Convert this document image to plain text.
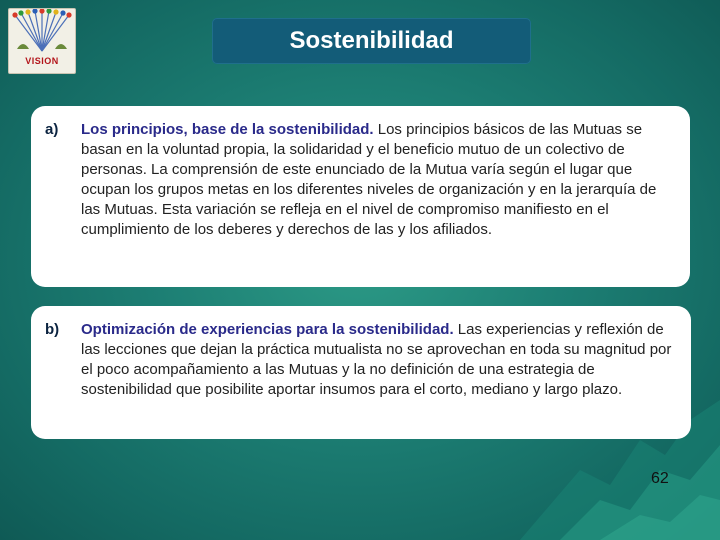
VISION
Sostenibilidad
a) Los principios, base de la sostenibilidad. Los principios básicos de las Mutuas se basan en la voluntad propia, la solidaridad y el beneficio mutuo de un colectivo de personas. La comprensión de este enunciado de la Mutua varía según el lugar que ocupan los grupos metas en los diferentes niveles de organización y en la jerarquía de las Mutuas. Esta variación se refleja en el nivel de compromiso manifiesto en el cumplimiento de los deberes y derechos de las y los afiliados.
b) Optimización de experiencias para la sostenibilidad. Las experiencias y reflexión de las lecciones que dejan la práctica mutualista no se aprovechan en toda su magnitud por el poco acompañamiento a las Mutuas y la no definición de una estrategia de sostenibilidad que posibilite aportar insumos para el corto, mediano y largo plazo.
62
